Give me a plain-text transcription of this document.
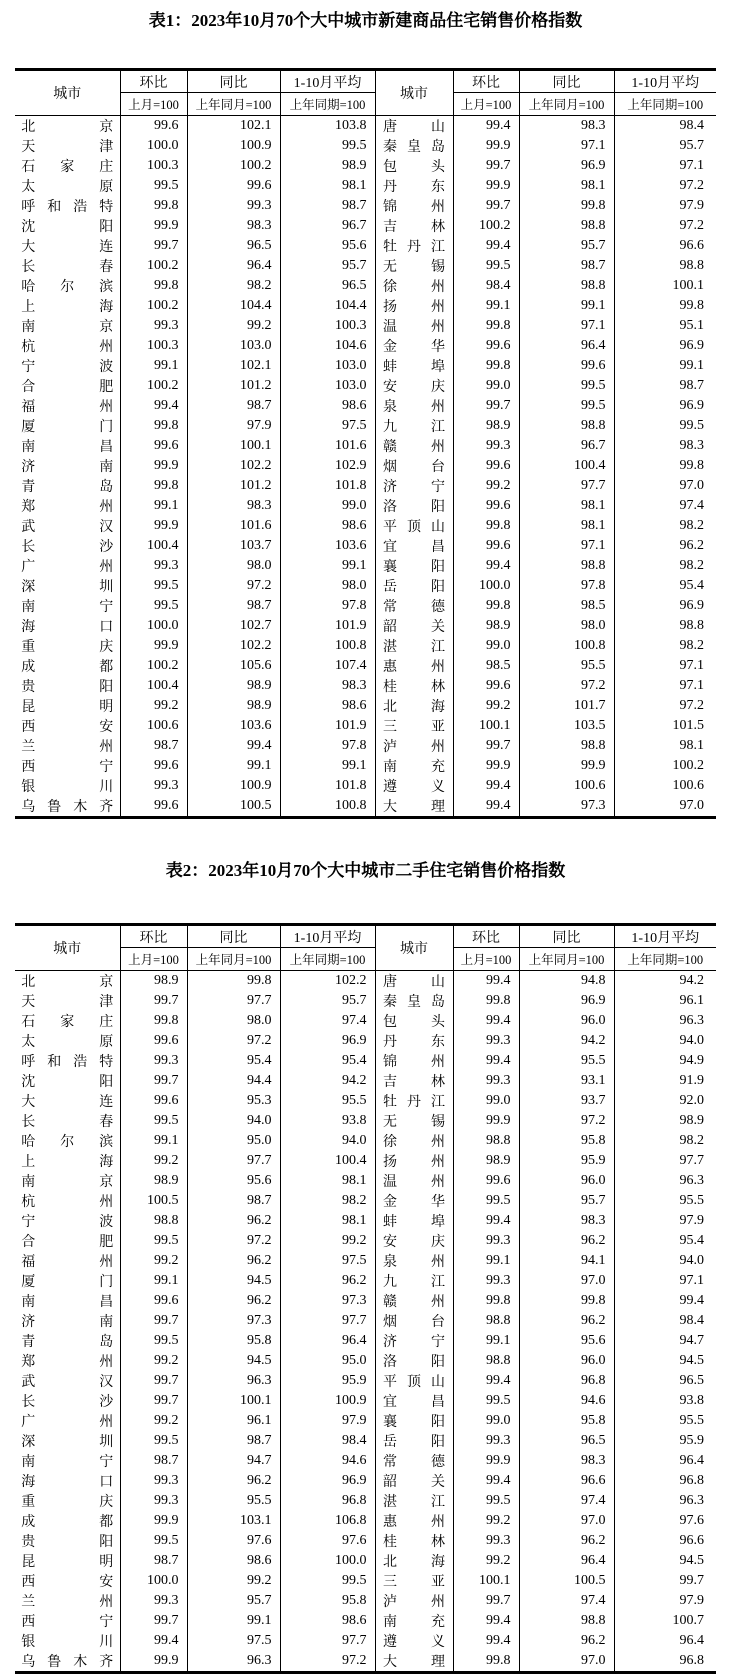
表1：2023年10月70个大中城市新建商品住宅销售价格指数
城市	环比	同比	1-10月平均	城市	环比	同比	1-10月平均
	上月=100	上年同月=100	上年同期=100		上月=100	上年同月=100	上年同期=100
北京	99.6	102.1	103.8	唐山	99.4	98.3	98.4
天津	100.0	100.9	99.5	秦皇岛	99.9	97.1	95.7
石家庄	100.3	100.2	98.9	包头	99.7	96.9	97.1
太原	99.5	99.6	98.1	丹东	99.9	98.1	97.2
呼和浩特	99.8	99.3	98.7	锦州	99.7	99.8	97.9
沈阳	99.9	98.3	96.7	吉林	100.2	98.8	97.2
大连	99.7	96.5	95.6	牡丹江	99.4	95.7	96.6
长春	100.2	96.4	95.7	无锡	99.5	98.7	98.8
哈尔滨	99.8	98.2	96.5	徐州	98.4	98.8	100.1
上海	100.2	104.4	104.4	扬州	99.1	99.1	99.8
南京	99.3	99.2	100.3	温州	99.8	97.1	95.1
杭州	100.3	103.0	104.6	金华	99.6	96.4	96.9
宁波	99.1	102.1	103.0	蚌埠	99.8	99.6	99.1
合肥	100.2	101.2	103.0	安庆	99.0	99.5	98.7
福州	99.4	98.7	98.6	泉州	99.7	99.5	96.9
厦门	99.8	97.9	97.5	九江	98.9	98.8	99.5
南昌	99.6	100.1	101.6	赣州	99.3	96.7	98.3
济南	99.9	102.2	102.9	烟台	99.6	100.4	99.8
青岛	99.8	101.2	101.8	济宁	99.2	97.7	97.0
郑州	99.1	98.3	99.0	洛阳	99.6	98.1	97.4
武汉	99.9	101.6	98.6	平顶山	99.8	98.1	98.2
长沙	100.4	103.7	103.6	宜昌	99.6	97.1	96.2
广州	99.3	98.0	99.1	襄阳	99.4	98.8	98.2
深圳	99.5	97.2	98.0	岳阳	100.0	97.8	95.4
南宁	99.5	98.7	97.8	常德	99.8	98.5	96.9
海口	100.0	102.7	101.9	韶关	98.9	98.0	98.8
重庆	99.9	102.2	100.8	湛江	99.0	100.8	98.2
成都	100.2	105.6	107.4	惠州	98.5	95.5	97.1
贵阳	100.4	98.9	98.3	桂林	99.6	97.2	97.1
昆明	99.2	98.9	98.6	北海	99.2	101.7	97.2
西安	100.6	103.6	101.9	三亚	100.1	103.5	101.5
兰州	98.7	99.4	97.8	泸州	99.7	98.8	98.1
西宁	99.6	99.1	99.1	南充	99.9	99.9	100.2
银川	99.3	100.9	101.8	遵义	99.4	100.6	100.6
乌鲁木齐	99.6	100.5	100.8	大理	99.4	97.3	97.0
表2：2023年10月70个大中城市二手住宅销售价格指数
城市	环比	同比	1-10月平均	城市	环比	同比	1-10月平均
	上月=100	上年同月=100	上年同期=100		上月=100	上年同月=100	上年同期=100
北京	98.9	99.8	102.2	唐山	99.4	94.8	94.2
天津	99.7	97.7	95.7	秦皇岛	99.8	96.9	96.1
石家庄	99.8	98.0	97.4	包头	99.4	96.0	96.3
太原	99.6	97.2	96.9	丹东	99.3	94.2	94.0
呼和浩特	99.3	95.4	95.4	锦州	99.4	95.5	94.9
沈阳	99.7	94.4	94.2	吉林	99.3	93.1	91.9
大连	99.6	95.3	95.5	牡丹江	99.0	93.7	92.0
长春	99.5	94.0	93.8	无锡	99.9	97.2	98.9
哈尔滨	99.1	95.0	94.0	徐州	98.8	95.8	98.2
上海	99.2	97.7	100.4	扬州	98.9	95.9	97.7
南京	98.9	95.6	98.1	温州	99.6	96.0	96.3
杭州	100.5	98.7	98.2	金华	99.5	95.7	95.5
宁波	98.8	96.2	98.1	蚌埠	99.4	98.3	97.9
合肥	99.5	97.2	99.2	安庆	99.3	96.2	95.4
福州	99.2	96.2	97.5	泉州	99.1	94.1	94.0
厦门	99.1	94.5	96.2	九江	99.3	97.0	97.1
南昌	99.6	96.2	97.3	赣州	99.8	99.8	99.4
济南	99.7	97.3	97.7	烟台	98.8	96.2	98.4
青岛	99.5	95.8	96.4	济宁	99.1	95.6	94.7
郑州	99.2	94.5	95.0	洛阳	98.8	96.0	94.5
武汉	99.7	96.3	95.9	平顶山	99.4	96.8	96.5
长沙	99.7	100.1	100.9	宜昌	99.5	94.6	93.8
广州	99.2	96.1	97.9	襄阳	99.0	95.8	95.5
深圳	99.5	98.7	98.4	岳阳	99.3	96.5	95.9
南宁	98.7	94.7	94.6	常德	99.9	98.3	96.4
海口	99.3	96.2	96.9	韶关	99.4	96.6	96.8
重庆	99.3	95.5	96.8	湛江	99.5	97.4	96.3
成都	99.9	103.1	106.8	惠州	99.2	97.0	97.6
贵阳	99.5	97.6	97.6	桂林	99.3	96.2	96.6
昆明	98.7	98.6	100.0	北海	99.2	96.4	94.5
西安	100.0	99.2	99.5	三亚	100.1	100.5	99.7
兰州	99.3	95.7	95.8	泸州	99.7	97.4	97.9
西宁	99.7	99.1	98.6	南充	99.4	98.8	100.7
银川	99.4	97.5	97.7	遵义	99.4	96.2	96.4
乌鲁木齐	99.9	96.3	97.2	大理	99.8	97.0	96.8
